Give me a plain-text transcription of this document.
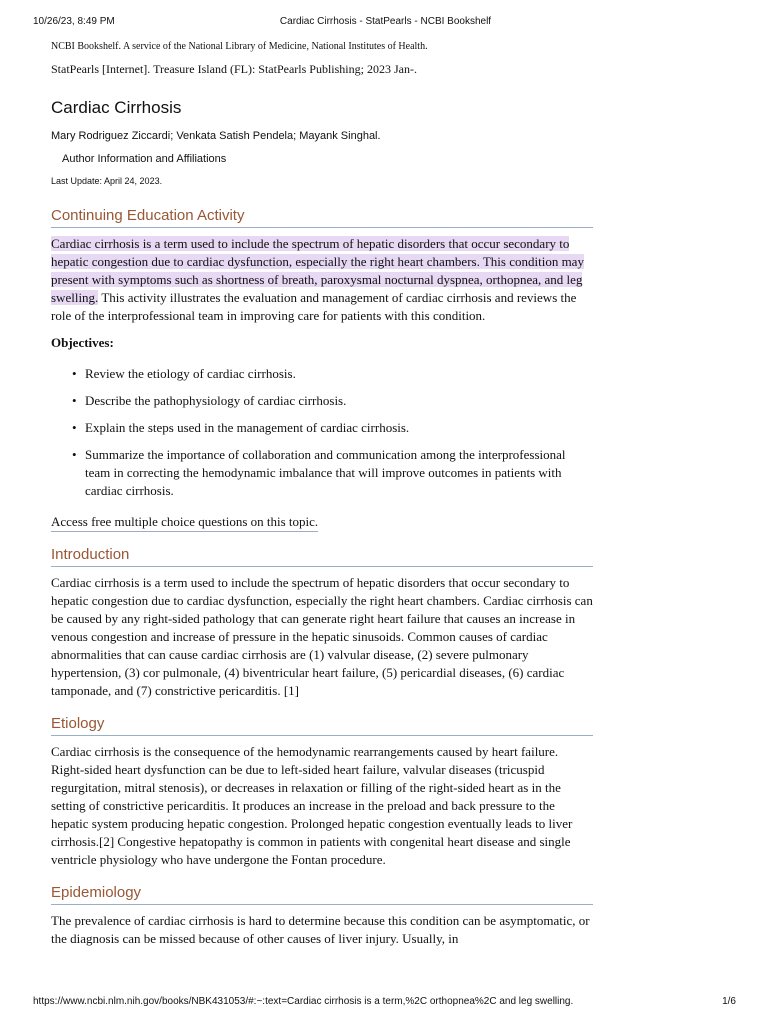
10/26/23, 8:49 PM	Cardiac Cirrhosis - StatPearls - NCBI Bookshelf

NCBI Bookshelf. A service of the National Library of Medicine, National Institutes of Health.

StatPearls [Internet]. Treasure Island (FL): StatPearls Publishing; 2023 Jan-.

Cardiac Cirrhosis

Mary Rodriguez Ziccardi; Venkata Satish Pendela; Mayank Singhal.

Author Information and Affiliations

Last Update: April 24, 2023.

Continuing Education Activity

Cardiac cirrhosis is a term used to include the spectrum of hepatic disorders that occur secondary to hepatic congestion due to cardiac dysfunction, especially the right heart chambers. This condition may present with symptoms such as shortness of breath, paroxysmal nocturnal dyspnea, orthopnea, and leg swelling. This activity illustrates the evaluation and management of cardiac cirrhosis and reviews the role of the interprofessional team in improving care for patients with this condition.

Objectives:

• Review the etiology of cardiac cirrhosis.
• Describe the pathophysiology of cardiac cirrhosis.
• Explain the steps used in the management of cardiac cirrhosis.
• Summarize the importance of collaboration and communication among the interprofessional team in correcting the hemodynamic imbalance that will improve outcomes in patients with cardiac cirrhosis.

Access free multiple choice questions on this topic.

Introduction

Cardiac cirrhosis is a term used to include the spectrum of hepatic disorders that occur secondary to hepatic congestion due to cardiac dysfunction, especially the right heart chambers. Cardiac cirrhosis can be caused by any right-sided pathology that can generate right heart failure that causes an increase in venous congestion and increase of pressure in the hepatic sinusoids. Common causes of cardiac abnormalities that can cause cardiac cirrhosis are (1) valvular disease, (2) severe pulmonary hypertension, (3) cor pulmonale, (4) biventricular heart failure, (5) pericardial diseases, (6) cardiac tamponade, and (7) constrictive pericarditis. [1]

Etiology

Cardiac cirrhosis is the consequence of the hemodynamic rearrangements caused by heart failure. Right-sided heart dysfunction can be due to left-sided heart failure, valvular diseases (tricuspid regurgitation, mitral stenosis), or decreases in relaxation or filling of the right-sided heart as in the setting of constrictive pericarditis. It produces an increase in the preload and back pressure to the hepatic system producing hepatic congestion. Prolonged hepatic congestion eventually leads to liver cirrhosis.[2] Congestive hepatopathy is common in patients with congenital heart disease and single ventricle physiology who have undergone the Fontan procedure.

Epidemiology

The prevalence of cardiac cirrhosis is hard to determine because this condition can be asymptomatic, or the diagnosis can be missed because of other causes of liver injury. Usually, in

https://www.ncbi.nlm.nih.gov/books/NBK431053/#:~:text=Cardiac cirrhosis is a term,%2C orthopnea%2C and leg swelling.	1/6
